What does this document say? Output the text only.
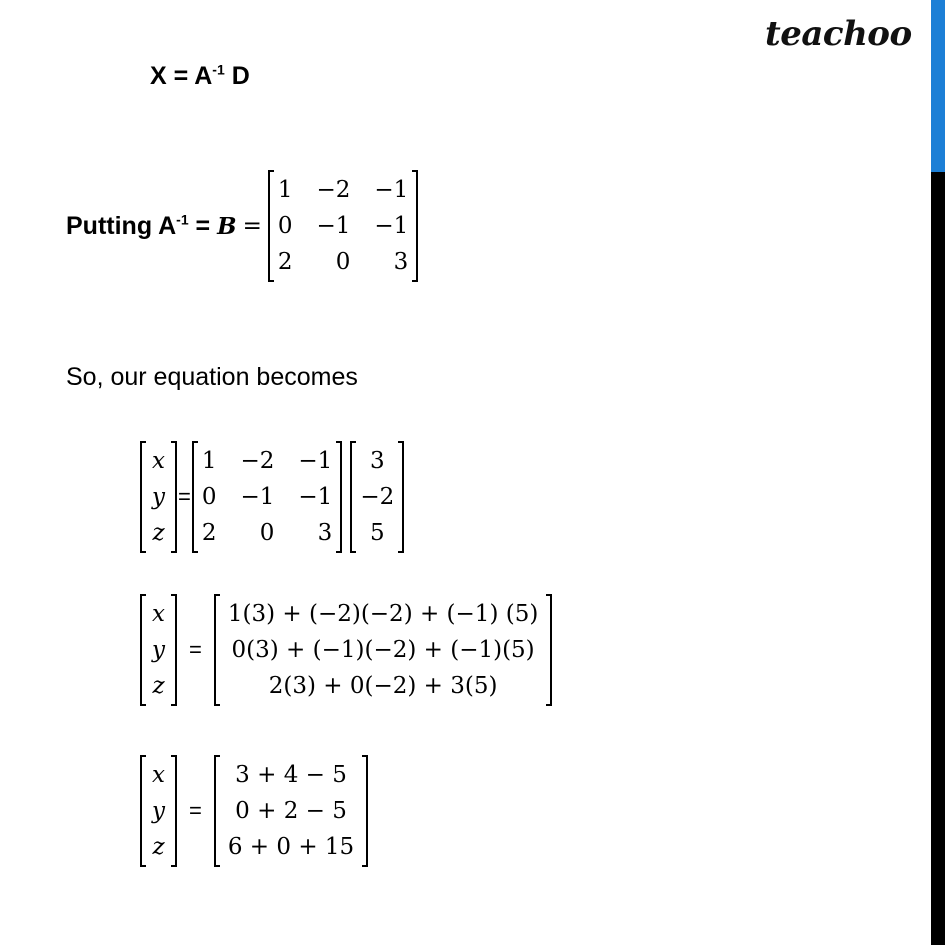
teachoo
$X = A^{-1}$ D
Putting $A^{-1} = B$ =
1	−2	−1
0	−1	−1
2	0	3
So, our equation becomes
x
y
z
=
1	−2	−1
0	−1	−1
2	0	3
3
−2
5
x
y
z
=
1(3) + (−2)(−2) + (−1) (5)
0(3) + (−1)(−2) + (−1)(5)
2(3) + 0(−2) + 3(5)
x
y
z
=
3 + 4 − 5
0 + 2 − 5
6 + 0 + 15
